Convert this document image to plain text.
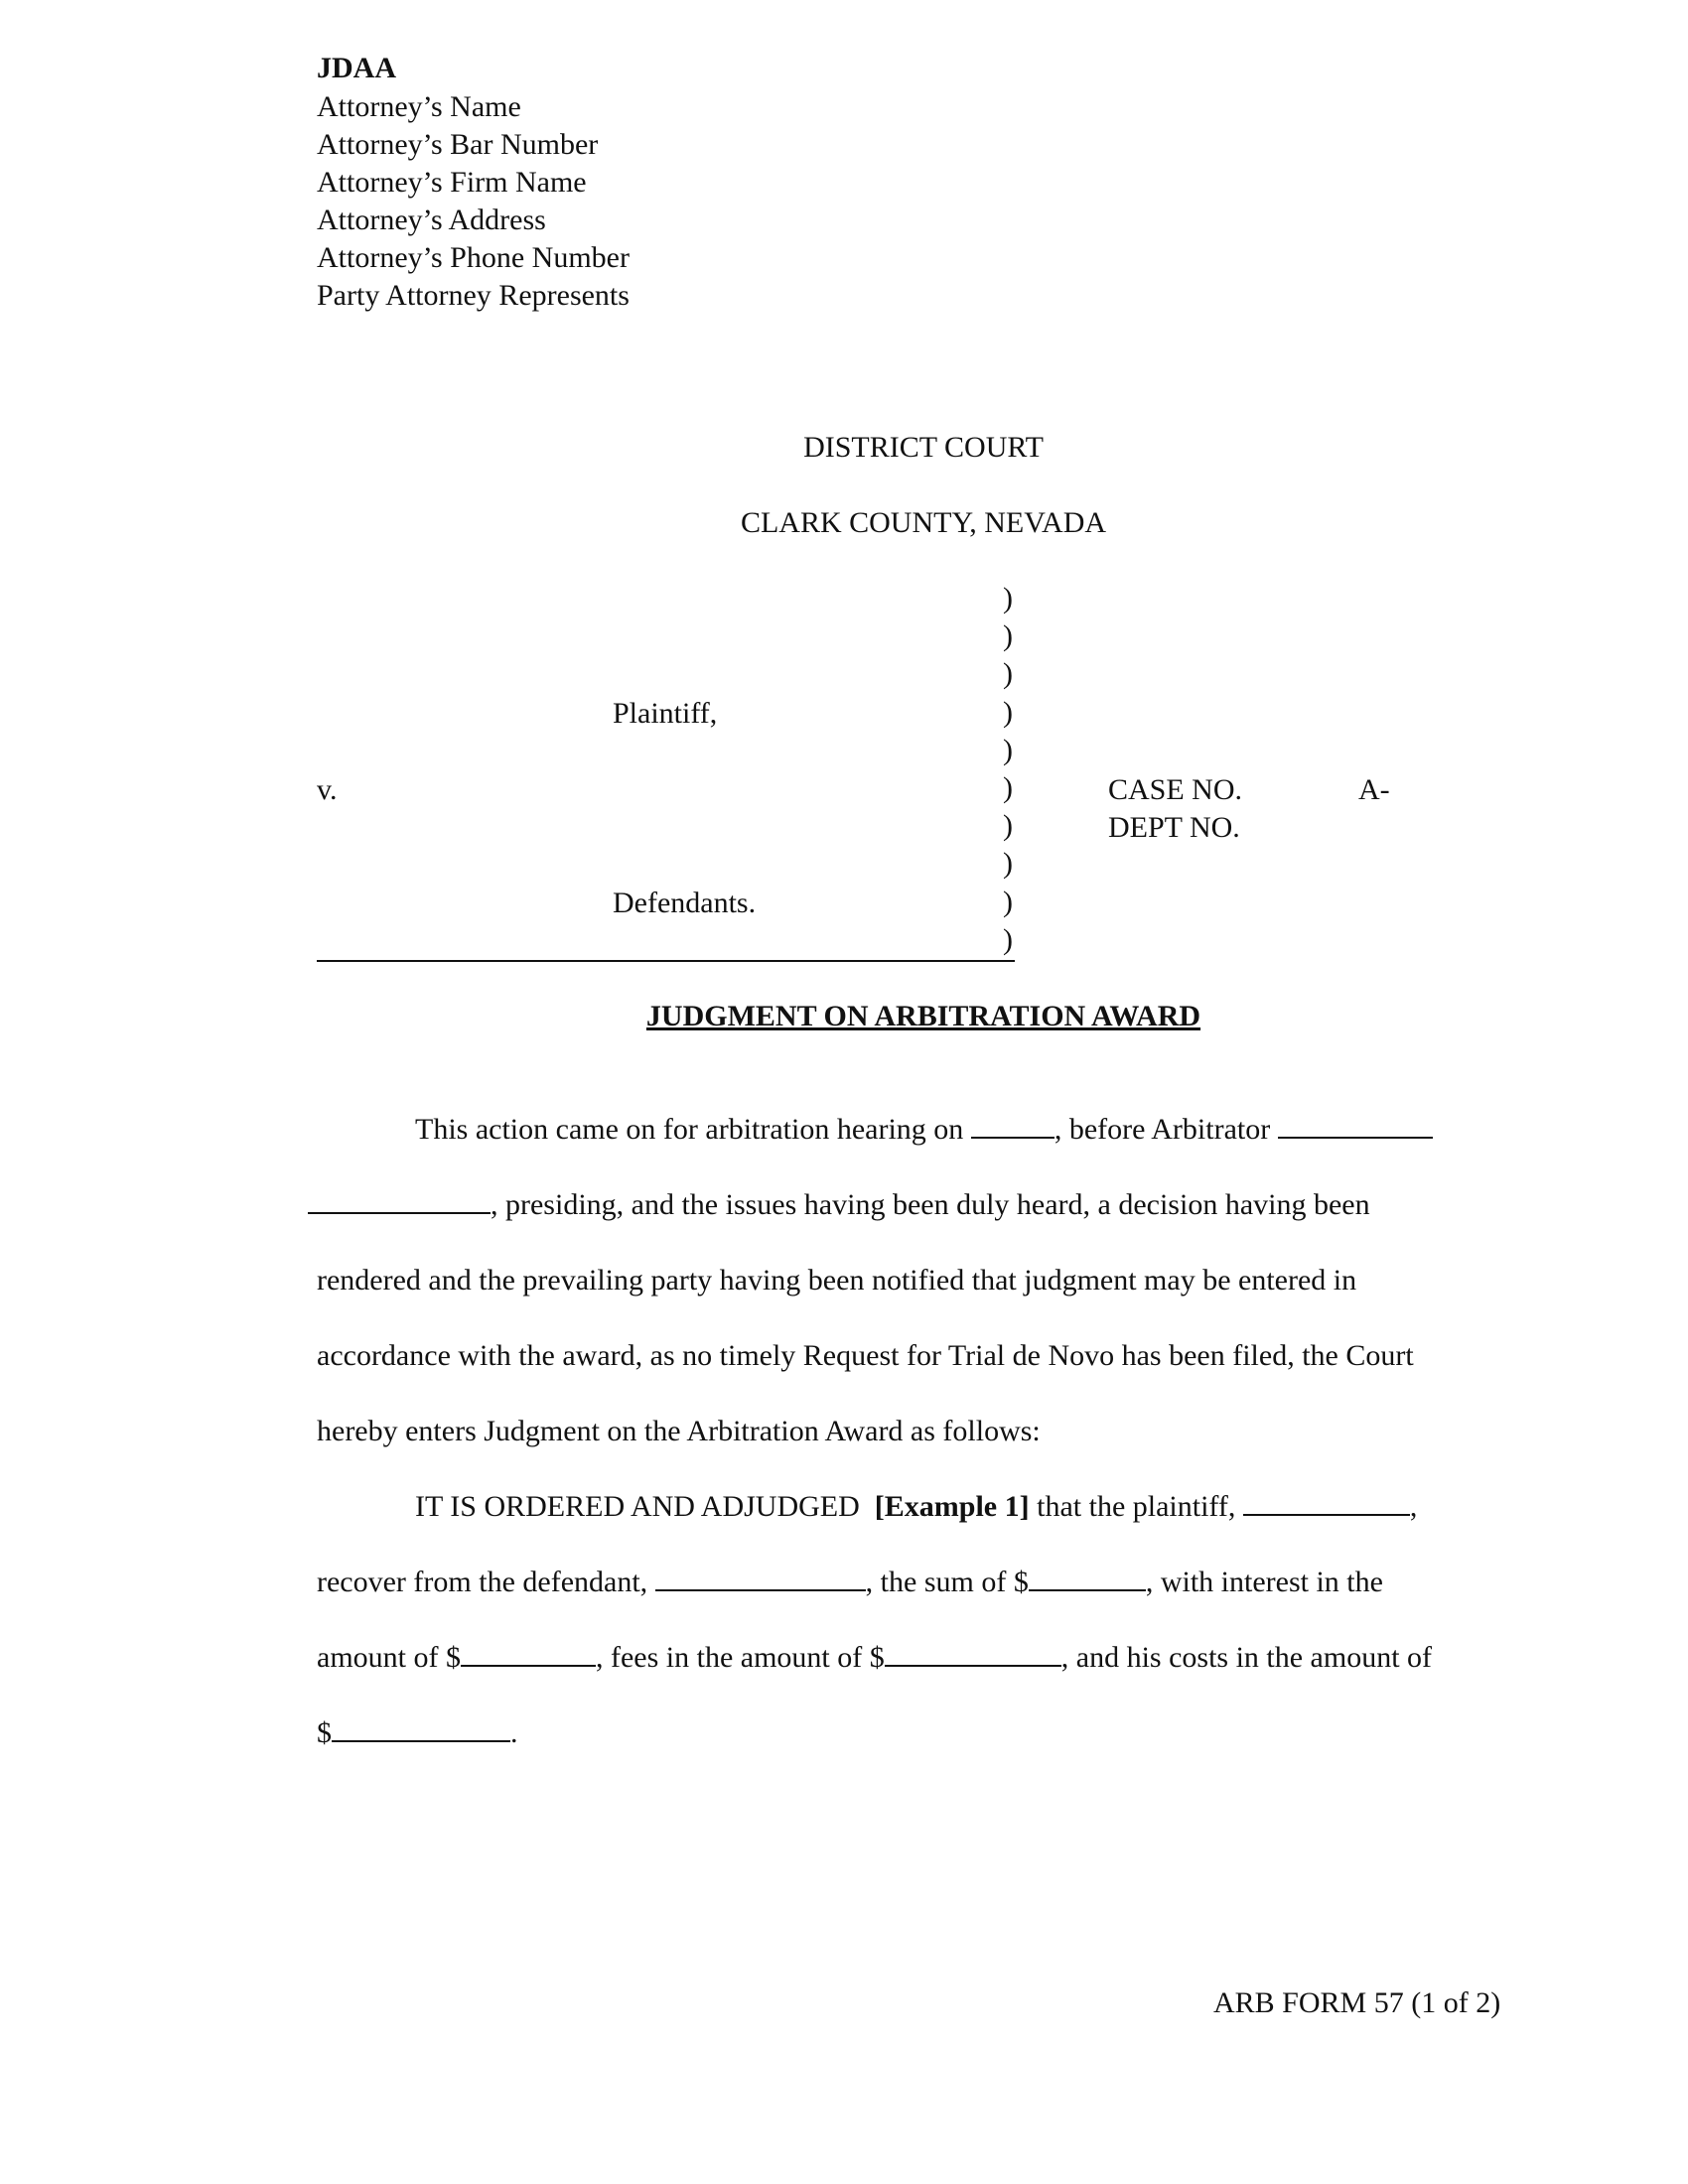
JDAA
Attorney’s Name
Attorney’s Bar Number
Attorney’s Firm Name
Attorney’s Address
Attorney’s Phone Number
Party Attorney Represents
DISTRICT COURT
CLARK COUNTY, NEVADA
Plaintiff,
v.
Defendants.
)
)
)
)
)
)
)
)
)
)
CASE NO.	A-
DEPT NO.
JUDGMENT ON ARBITRATION AWARD
This action came on for arbitration hearing on	, before Arbitrator
, presiding, and the issues having been duly heard, a decision having been
rendered and the prevailing party having been notified that judgment may be entered in
accordance with the award, as no timely Request for Trial de Novo has been filed, the Court
hereby enters Judgment on the Arbitration Award as follows:
IT IS ORDERED AND ADJUDGED [Example 1] that the plaintiff,	,
recover from the defendant,	, the sum of $	, with interest in the
amount of $	, fees in the amount of $	, and his costs in the amount of
$	.
ARB FORM 57 (1 of 2)
